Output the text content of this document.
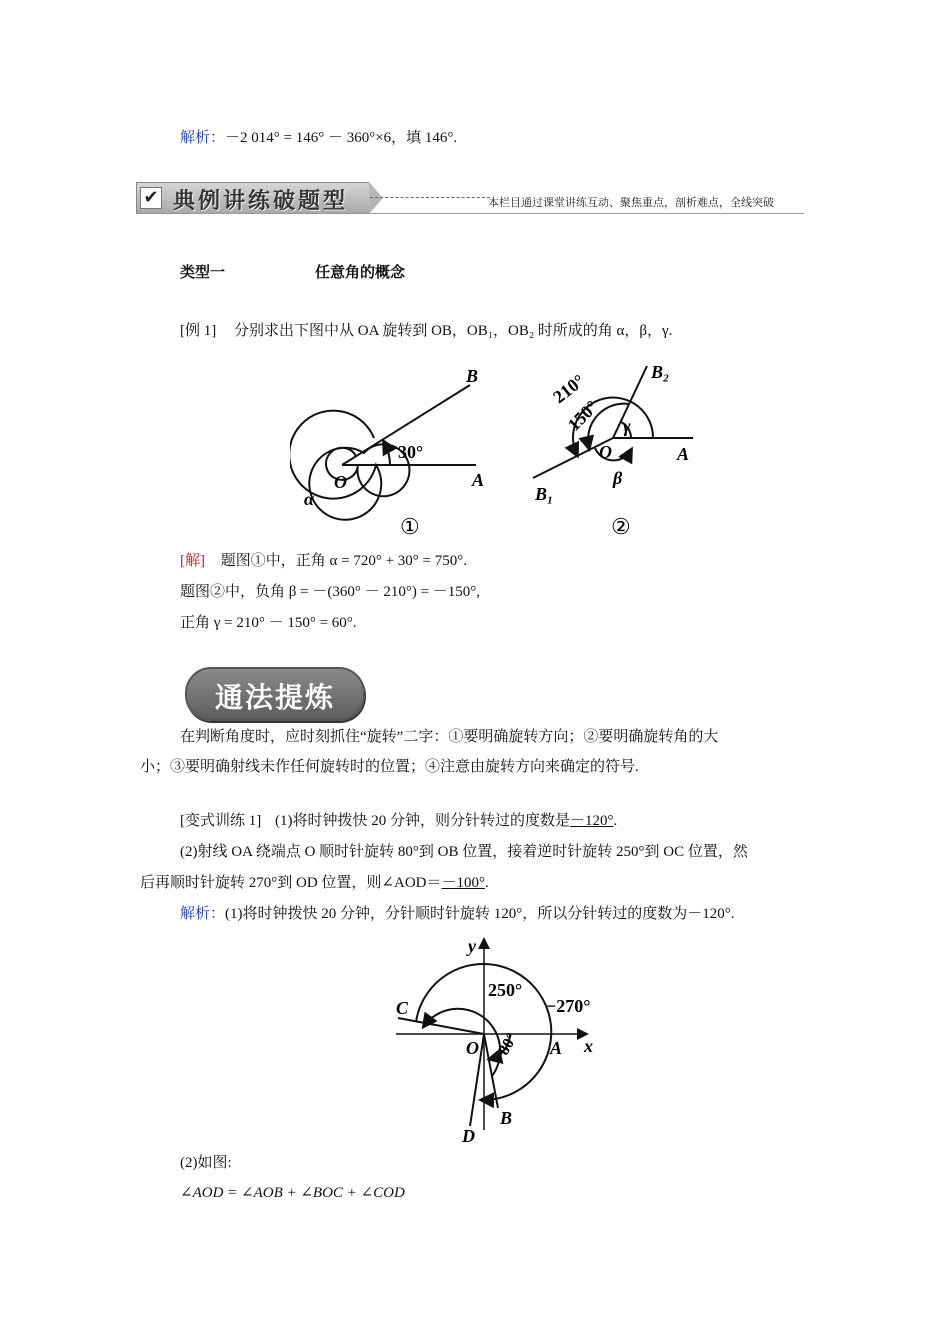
解析：－2 014° = 146° － 360°×6，填 146°.
✔ 典例讲练破题型	本栏目通过课堂讲练互动、聚焦重点，剖析难点，全线突破
类型一	任意角的概念
[例 1] 分别求出下图中从 OA 旋转到 OB，OB₁，OB₂ 时所成的角 α，β，γ.
30°
B
O	A
α
①
210°
150° γ
B₂
O	A
β
B₁
②
[解] 题图①中，正角 α = 720° + 30° = 750°.
题图②中，负角 β = －(360° － 210°) = －150°,
正角 γ = 210° － 150° = 60°.
通法提炼
在判断角度时，应时刻抓住“旋转”二字：①要明确旋转方向；②要明确旋转角的大
小；③要明确射线未作任何旋转时的位置；④注意由旋转方向来确定的符号.
[变式训练 1] (1)将时钟拨快 20 分钟，则分针转过的度数是－120°.
(2)射线 OA 绕端点 O 顺时针旋转 80°到 OB 位置，接着逆时针旋转 250°到 OC 位置，然
后再顺时针旋转 270°到 OD 位置，则∠AOD＝－100°.
解析：(1)将时钟拨快 20 分钟，分针顺时针旋转 120°，所以分针转过的度数为－120°.
y
x
C
O	A
B
D
250°
−270°
−80°
(2)如图:
∠AOD = ∠AOB + ∠BOC + ∠COD
